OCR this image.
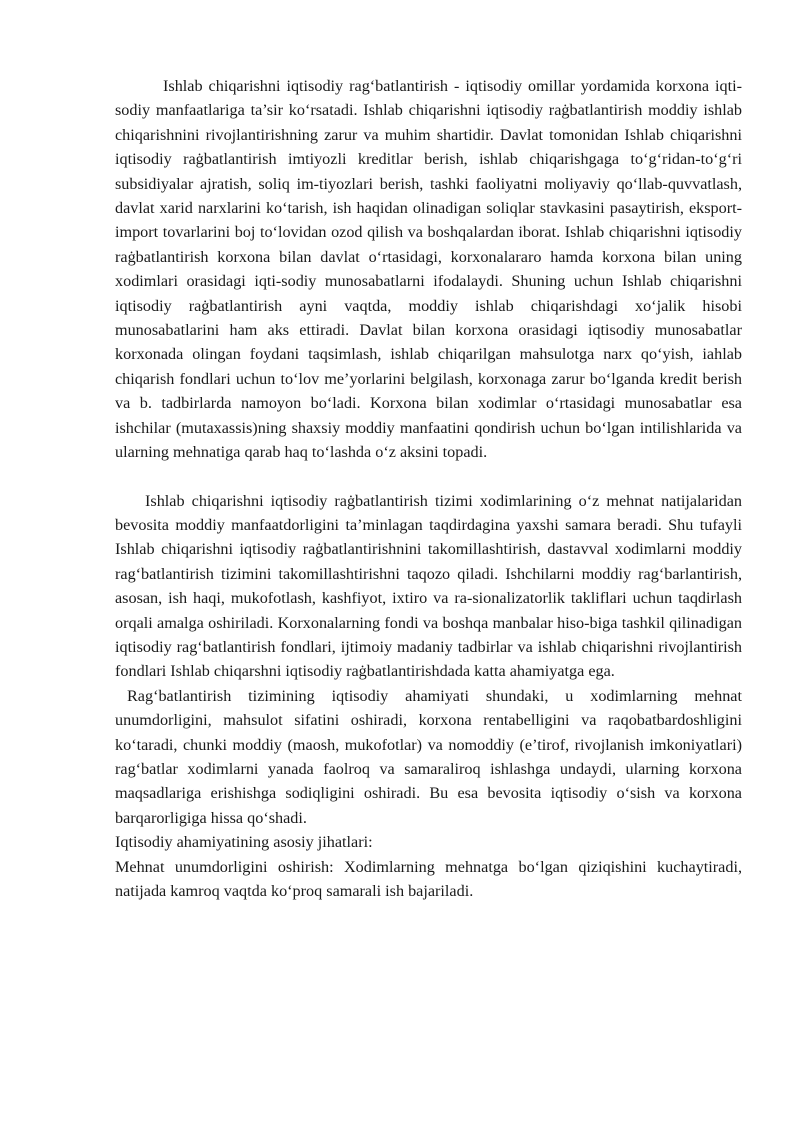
Ishlab chiqarishni iqtisodiy rag‘batlantirish - iqtisodiy omillar yordamida korxona iqti-sodiy manfaatlariga ta’sir ko‘rsatadi. Ishlab chiqarishni iqtisodiy raġbatlantirish moddiy ishlab chiqarishnini rivojlantirishning zarur va muhim shartidir. Davlat tomonidan Ishlab chiqarishni iqtisodiy raġbatlantirish imtiyozli kreditlar berish, ishlab chiqarishgaga to‘g‘ridan-to‘g‘ri subsidiyalar ajratish, soliq im-tiyozlari berish, tashki faoliyatni moliyaviy qo‘llab-quvvatlash, davlat xarid narxlarini ko‘tarish, ish haqidan olinadigan soliqlar stavkasini pasaytirish, eksport-import tovarlarini boj to‘lovidan ozod qilish va boshqalardan iborat. Ishlab chiqarishni iqtisodiy raġbatlantirish korxona bilan davlat o‘rtasidagi, korxonalararo hamda korxona bilan uning xodimlari orasidagi iqti-sodiy munosabatlarni ifodalaydi. Shuning uchun Ishlab chiqarishni iqtisodiy raġbatlantirish ayni vaqtda, moddiy ishlab chiqarishdagi xo‘jalik hisobi munosabatlarini ham aks ettiradi. Davlat bilan korxona orasidagi iqtisodiy munosabatlar korxonada olingan foydani taqsimlash, ishlab chiqarilgan mahsulotga narx qo‘yish, iahlab chiqarish fondlari uchun to‘lov me’yorlarini belgilash, korxonaga zarur bo‘lganda kredit berish va b. tadbirlarda namoyon bo‘ladi. Korxona bilan xodimlar o‘rtasidagi munosabatlar esa ishchilar (mutaxassis)ning shaxsiy moddiy manfaatini qondirish uchun bo‘lgan intilishlarida va ularning mehnatiga qarab haq to‘lashda o‘z aksini topadi.

Ishlab chiqarishni iqtisodiy raġbatlantirish tizimi xodimlarining o‘z mehnat natijalaridan bevosita moddiy manfaatdorligini ta’minlagan taqdirdagina yaxshi samara beradi. Shu tufayli Ishlab chiqarishni iqtisodiy raġbatlantirishnini takomillashtirish, dastavval xodimlarni moddiy rag‘batlantirish tizimini takomillashtirishni taqozo qiladi. Ishchilarni moddiy rag‘barlantirish, asosan, ish haqi, mukofotlash, kashfiyot, ixtiro va ra-sionalizatorlik takliflari uchun taqdirlash orqali amalga oshiriladi. Korxonalarning fondi va boshqa manbalar hiso-biga tashkil qilinadigan iqtisodiy rag‘batlantirish fondlari, ijtimoiy madaniy tadbirlar va ishlab chiqarishni rivojlantirish fondlari Ishlab chiqarshni iqtisodiy raġbatlantirishdada katta ahamiyatga ega.

Rag‘batlantirish tizimining iqtisodiy ahamiyati shundaki, u xodimlarning mehnat unumdorligini, mahsulot sifatini oshiradi, korxona rentabelligini va raqobatbardoshligini ko‘taradi, chunki moddiy (maosh, mukofotlar) va nomoddiy (e’tirof, rivojlanish imkoniyatlari) rag‘batlar xodimlarni yanada faolroq va samaraliroq ishlashga undaydi, ularning korxona maqsadlariga erishishga sodiqligini oshiradi. Bu esa bevosita iqtisodiy o‘sish va korxona barqarorligiga hissa qo‘shadi.

Iqtisodiy ahamiyatining asosiy jihatlari:

Mehnat unumdorligini oshirish: Xodimlarning mehnatga bo‘lgan qiziqishini kuchaytiradi, natijada kamroq vaqtda ko‘proq samarali ish bajariladi.
